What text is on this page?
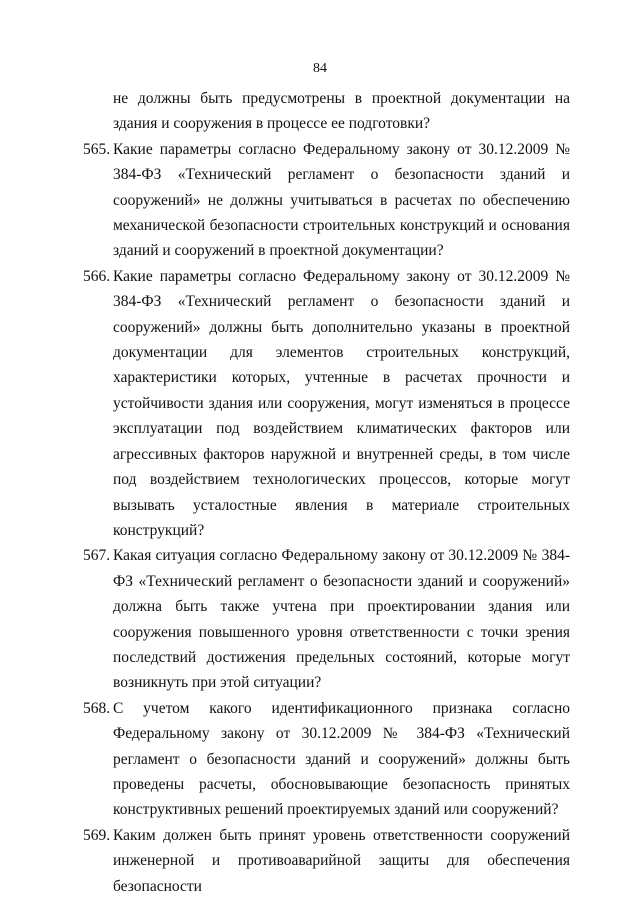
84
не должны быть предусмотрены в проектной документации на здания и сооружения в процессе ее подготовки?
565. Какие параметры согласно Федеральному закону от 30.12.2009 № 384-ФЗ «Технический регламент о безопасности зданий и сооружений» не должны учитываться в расчетах по обеспечению механической безопасности строительных конструкций и основания зданий и сооружений в проектной документации?
566. Какие параметры согласно Федеральному закону от 30.12.2009 № 384-ФЗ «Технический регламент о безопасности зданий и сооружений» должны быть дополнительно указаны в проектной документации для элементов строительных конструкций, характеристики которых, учтенные в расчетах прочности и устойчивости здания или сооружения, могут изменяться в процессе эксплуатации под воздействием климатических факторов или агрессивных факторов наружной и внутренней среды, в том числе под воздействием технологических процессов, которые могут вызывать усталостные явления в материале строительных конструкций?
567. Какая ситуация согласно Федеральному закону от 30.12.2009 № 384-ФЗ «Технический регламент о безопасности зданий и сооружений» должна быть также учтена при проектировании здания или сооружения повышенного уровня ответственности с точки зрения последствий достижения предельных состояний, которые могут возникнуть при этой ситуации?
568. С учетом какого идентификационного признака согласно Федеральному закону от 30.12.2009 № 384-ФЗ «Технический регламент о безопасности зданий и сооружений» должны быть проведены расчеты, обосновывающие безопасность принятых конструктивных решений проектируемых зданий или сооружений?
569. Каким должен быть принят уровень ответственности сооружений инженерной и противоаварийной защиты для обеспечения безопасности
